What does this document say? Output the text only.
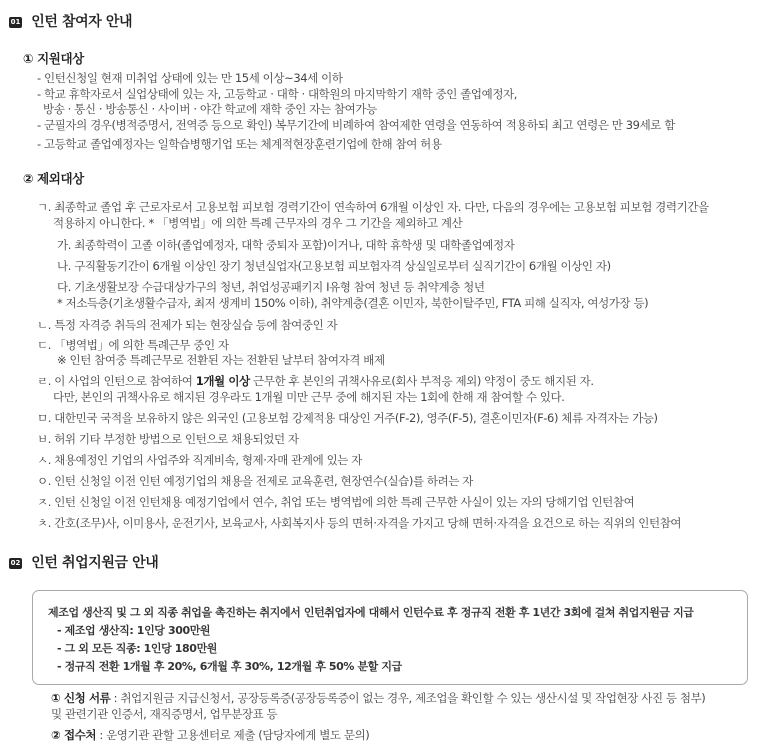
01 인턴 참여자 안내
① 지원대상
- 인턴신청일 현재 미취업 상태에 있는 만 15세 이상~34세 이하
- 학교 휴학자로서 실업상태에 있는 자, 고등학교 · 대학 · 대학원의 마지막학기 재학 중인 졸업예정자,
방송 · 통신 · 방송통신 · 사이버 · 야간 학교에 재학 중인 자는 참여가능
- 군필자의 경우(병적증명서, 전역증 등으로 확인) 복무기간에 비례하여 참여제한 연령을 연동하여 적용하되 최고 연령은 만 39세로 함
- 고등학교 졸업예정자는 일학습병행기업 또는 체계적현장훈련기업에 한해 참여 허용
② 제외대상
ㄱ. 최종학교 졸업 후 근로자로서 고용보험 피보험 경력기간이 연속하여 6개월 이상인 자. 다만, 다음의 경우에는 고용보험 피보험 경력기간을
적용하지 아니한다. * 「병역법」에 의한 특례 근무자의 경우 그 기간을 제외하고 계산
가. 최종학력이 고졸 이하(졸업예정자, 대학 중퇴자 포함)이거나, 대학 휴학생 및 대학졸업예정자
나. 구직활동기간이 6개월 이상인 장기 청년실업자(고용보험 피보험자격 상실일로부터 실직기간이 6개월 이상인 자)
다. 기초생활보장 수급대상가구의 청년, 취업성공패키지 Ⅰ유형 참여 청년 등 취약계층 청년
* 저소득층(기초생활수급자, 최저 생계비 150% 이하), 취약계층(결혼 이민자, 북한이탈주민, FTA 피해 실직자, 여성가장 등)
ㄴ. 특정 자격증 취득의 전제가 되는 현장실습 등에 참여중인 자
ㄷ. 「병역법」에 의한 특례근무 중인 자
※ 인턴 참여중 특례근무로 전환된 자는 전환된 날부터 참여자격 배제
ㄹ. 이 사업의 인턴으로 참여하여 1개월 이상 근무한 후 본인의 귀책사유로(회사 부적응 제외) 약정이 중도 해지된 자.
다만, 본인의 귀책사유로 해지된 경우라도 1개월 미만 근무 중에 해지된 자는 1회에 한해 재 참여할 수 있다.
ㅁ. 대한민국 국적을 보유하지 않은 외국인 (고용보험 강제적용 대상인 거주(F-2), 영주(F-5), 결혼이민자(F-6) 체류 자격자는 가능)
ㅂ. 허위 기타 부정한 방법으로 인턴으로 채용되었던 자
ㅅ. 채용예정인 기업의 사업주와 직계비속, 형제·자매 관계에 있는 자
ㅇ. 인턴 신청일 이전 인턴 예정기업의 채용을 전제로 교육훈련, 현장연수(실습)를 하려는 자
ㅈ. 인턴 신청일 이전 인턴채용 예정기업에서 연수, 취업 또는 병역법에 의한 특례 근무한 사실이 있는 자의 당해기업 인턴참여
ㅊ. 간호(조무)사, 이미용사, 운전기사, 보육교사, 사회복지사 등의 면허·자격을 가지고 당해 면허·자격을 요건으로 하는 직위의 인턴참여
02 인턴 취업지원금 안내
제조업 생산직 및 그 외 직종 취업을 촉진하는 취지에서 인턴취업자에 대해서 인턴수료 후 정규직 전환 후 1년간 3회에 걸쳐 취업지원금 지급
- 제조업 생산직: 1인당 300만원
- 그 외 모든 직종: 1인당 180만원
- 정규직 전환 1개월 후 20%, 6개월 후 30%, 12개월 후 50% 분할 지급
① 신청 서류 : 취업지원금 지급신청서, 공장등록증(공장등록증이 없는 경우, 제조업을 확인할 수 있는 생산시설 및 작업현장 사진 등 첨부)
및 관련기관 인증서, 재직증명서, 업무분장표 등
② 접수처 : 운영기관 관할 고용센터로 제출 (담당자에게 별도 문의)
